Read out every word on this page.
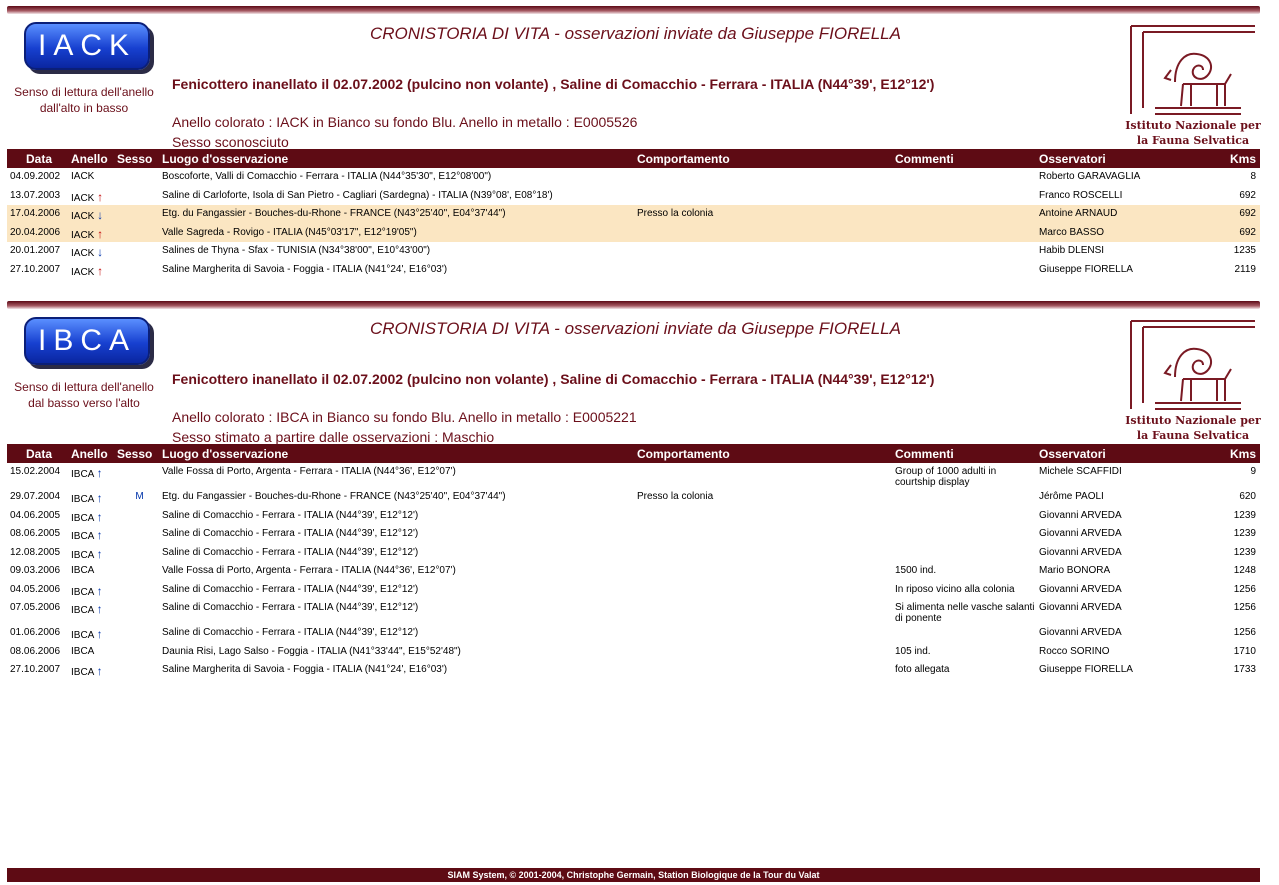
IACK
Senso di lettura dell'anello dall'alto in basso
CRONISTORIA DI VITA - osservazioni inviate da Giuseppe FIORELLA
Fenicottero inanellato il 02.07.2002 (pulcino non volante) , Saline di Comacchio - Ferrara - ITALIA (N44°39', E12°12')
Anello colorato : IACK in Bianco su fondo Blu. Anello in metallo : E0005526
Sesso sconosciuto
Istituto Nazionale per
la Fauna Selvatica
Data	Anello	Sesso	Luogo d'osservazione	Comportamento	Commenti	Osservatori	Kms
04.09.2002	IACK		Boscoforte, Valli di Comacchio - Ferrara - ITALIA (N44°35'30", E12°08'00")			Roberto GARAVAGLIA	8
13.07.2003	IACK ↑		Saline di Carloforte, Isola di San Pietro - Cagliari (Sardegna) - ITALIA (N39°08', E08°18')			Franco ROSCELLI	692
17.04.2006	IACK ↓		Etg. du Fangassier - Bouches-du-Rhone - FRANCE (N43°25'40", E04°37'44")	Presso la colonia		Antoine ARNAUD	692
20.04.2006	IACK ↑		Valle Sagreda - Rovigo - ITALIA (N45°03'17", E12°19'05")			Marco BASSO	692
20.01.2007	IACK ↓		Salines de Thyna - Sfax - TUNISIA (N34°38'00", E10°43'00")			Habib DLENSI	1235
27.10.2007	IACK ↑		Saline Margherita di Savoia - Foggia - ITALIA (N41°24', E16°03')			Giuseppe FIORELLA	2119
IBCA
Senso di lettura dell'anello dal basso verso l'alto
CRONISTORIA DI VITA - osservazioni inviate da Giuseppe FIORELLA
Fenicottero inanellato il 02.07.2002 (pulcino non volante) , Saline di Comacchio - Ferrara - ITALIA (N44°39', E12°12')
Anello colorato : IBCA in Bianco su fondo Blu. Anello in metallo : E0005221
Sesso stimato a partire dalle osservazioni : Maschio
Istituto Nazionale per
la Fauna Selvatica
Data	Anello	Sesso	Luogo d'osservazione	Comportamento	Commenti	Osservatori	Kms
15.02.2004	IBCA ↑		Valle Fossa di Porto, Argenta - Ferrara - ITALIA (N44°36', E12°07')		Group of 1000 adulti in courtship display	Michele SCAFFIDI	9
29.07.2004	IBCA ↑	M	Etg. du Fangassier - Bouches-du-Rhone - FRANCE (N43°25'40", E04°37'44")	Presso la colonia		Jérôme PAOLI	620
04.06.2005	IBCA ↑		Saline di Comacchio - Ferrara - ITALIA (N44°39', E12°12')			Giovanni ARVEDA	1239
08.06.2005	IBCA ↑		Saline di Comacchio - Ferrara - ITALIA (N44°39', E12°12')			Giovanni ARVEDA	1239
12.08.2005	IBCA ↑		Saline di Comacchio - Ferrara - ITALIA (N44°39', E12°12')			Giovanni ARVEDA	1239
09.03.2006	IBCA		Valle Fossa di Porto, Argenta - Ferrara - ITALIA (N44°36', E12°07')		1500 ind.	Mario BONORA	1248
04.05.2006	IBCA ↑		Saline di Comacchio - Ferrara - ITALIA (N44°39', E12°12')		In riposo vicino alla colonia	Giovanni ARVEDA	1256
07.05.2006	IBCA ↑		Saline di Comacchio - Ferrara - ITALIA (N44°39', E12°12')		Si alimenta nelle vasche salanti di ponente	Giovanni ARVEDA	1256
01.06.2006	IBCA ↑		Saline di Comacchio - Ferrara - ITALIA (N44°39', E12°12')			Giovanni ARVEDA	1256
08.06.2006	IBCA		Daunia Risi, Lago Salso - Foggia - ITALIA (N41°33'44", E15°52'48")		105 ind.	Rocco SORINO	1710
27.10.2007	IBCA ↑		Saline Margherita di Savoia - Foggia - ITALIA (N41°24', E16°03')		foto allegata	Giuseppe FIORELLA	1733
SIAM System, © 2001-2004, Christophe Germain, Station Biologique de la Tour du Valat
